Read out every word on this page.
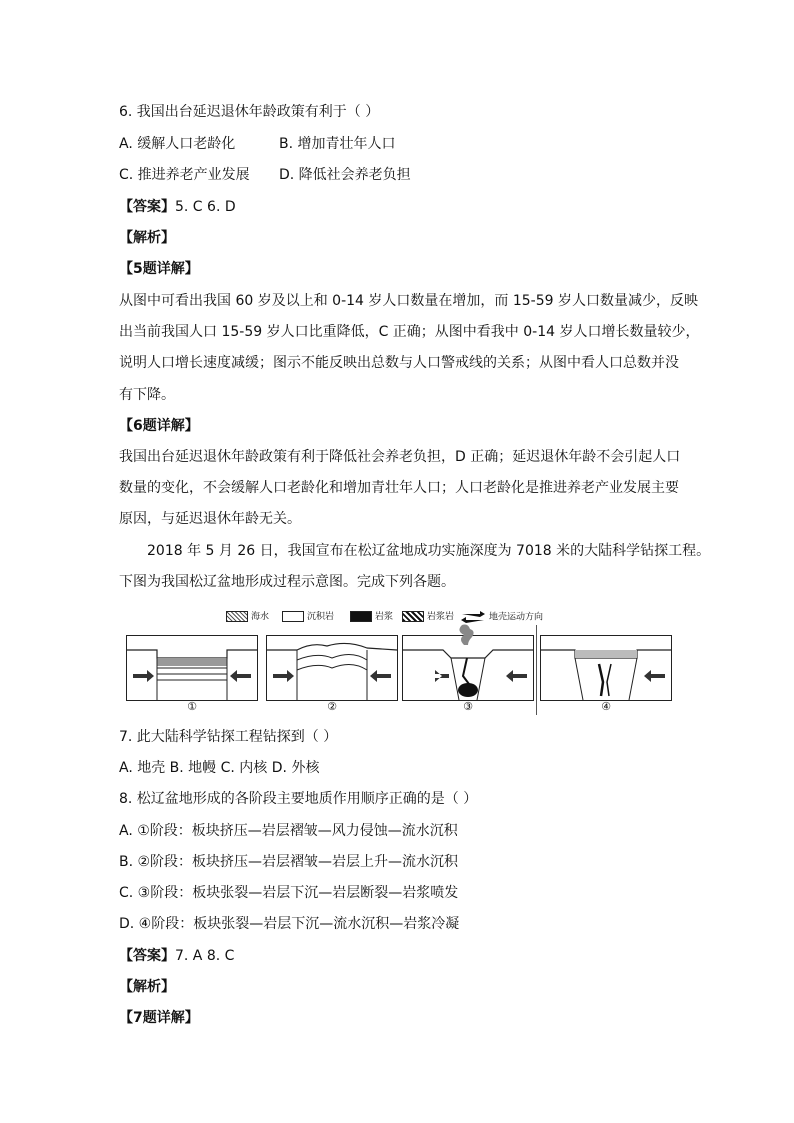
6. 我国出台延迟退休年龄政策有利于（ ）
A. 缓解人口老龄化	B. 增加青壮年人口
C. 推进养老产业发展 D. 降低社会养老负担
【答案】5. C 6. D
【解析】
【5题详解】
从图中可看出我国 60 岁及以上和 0-14 岁人口数量在增加，而 15-59 岁人口数量减少，反映
出当前我国人口 15-59 岁人口比重降低，C 正确；从图中看我中 0-14 岁人口增长数量较少，
说明人口增长速度减缓；图示不能反映出总数与人口警戒线的关系；从图中看人口总数并没
有下降。
【6题详解】
我国出台延迟退休年龄政策有利于降低社会养老负担，D 正确；延迟退休年龄不会引起人口
数量的变化，不会缓解人口老龄化和增加青壮年人口；人口老龄化是推进养老产业发展主要
原因，与延迟退休年龄无关。
2018 年 5 月 26 日，我国宣布在松辽盆地成功实施深度为 7018 米的大陆科学钻探工程。
下图为我国松辽盆地形成过程示意图。完成下列各题。
海水	沉积岩	岩浆	岩浆岩	地壳运动方向
①	②	③	④
7. 此大陆科学钻探工程钻探到（ ）
A. 地壳 B. 地幔 C. 内核 D. 外核
8. 松辽盆地形成的各阶段主要地质作用顺序正确的是（ ）
A. ①阶段：板块挤压—岩层褶皱—风力侵蚀—流水沉积
B. ②阶段：板块挤压—岩层褶皱—岩层上升—流水沉积
C. ③阶段：板块张裂—岩层下沉—岩层断裂—岩浆喷发
D. ④阶段：板块张裂—岩层下沉—流水沉积—岩浆冷凝
【答案】7. A 8. C
【解析】
【7题详解】
